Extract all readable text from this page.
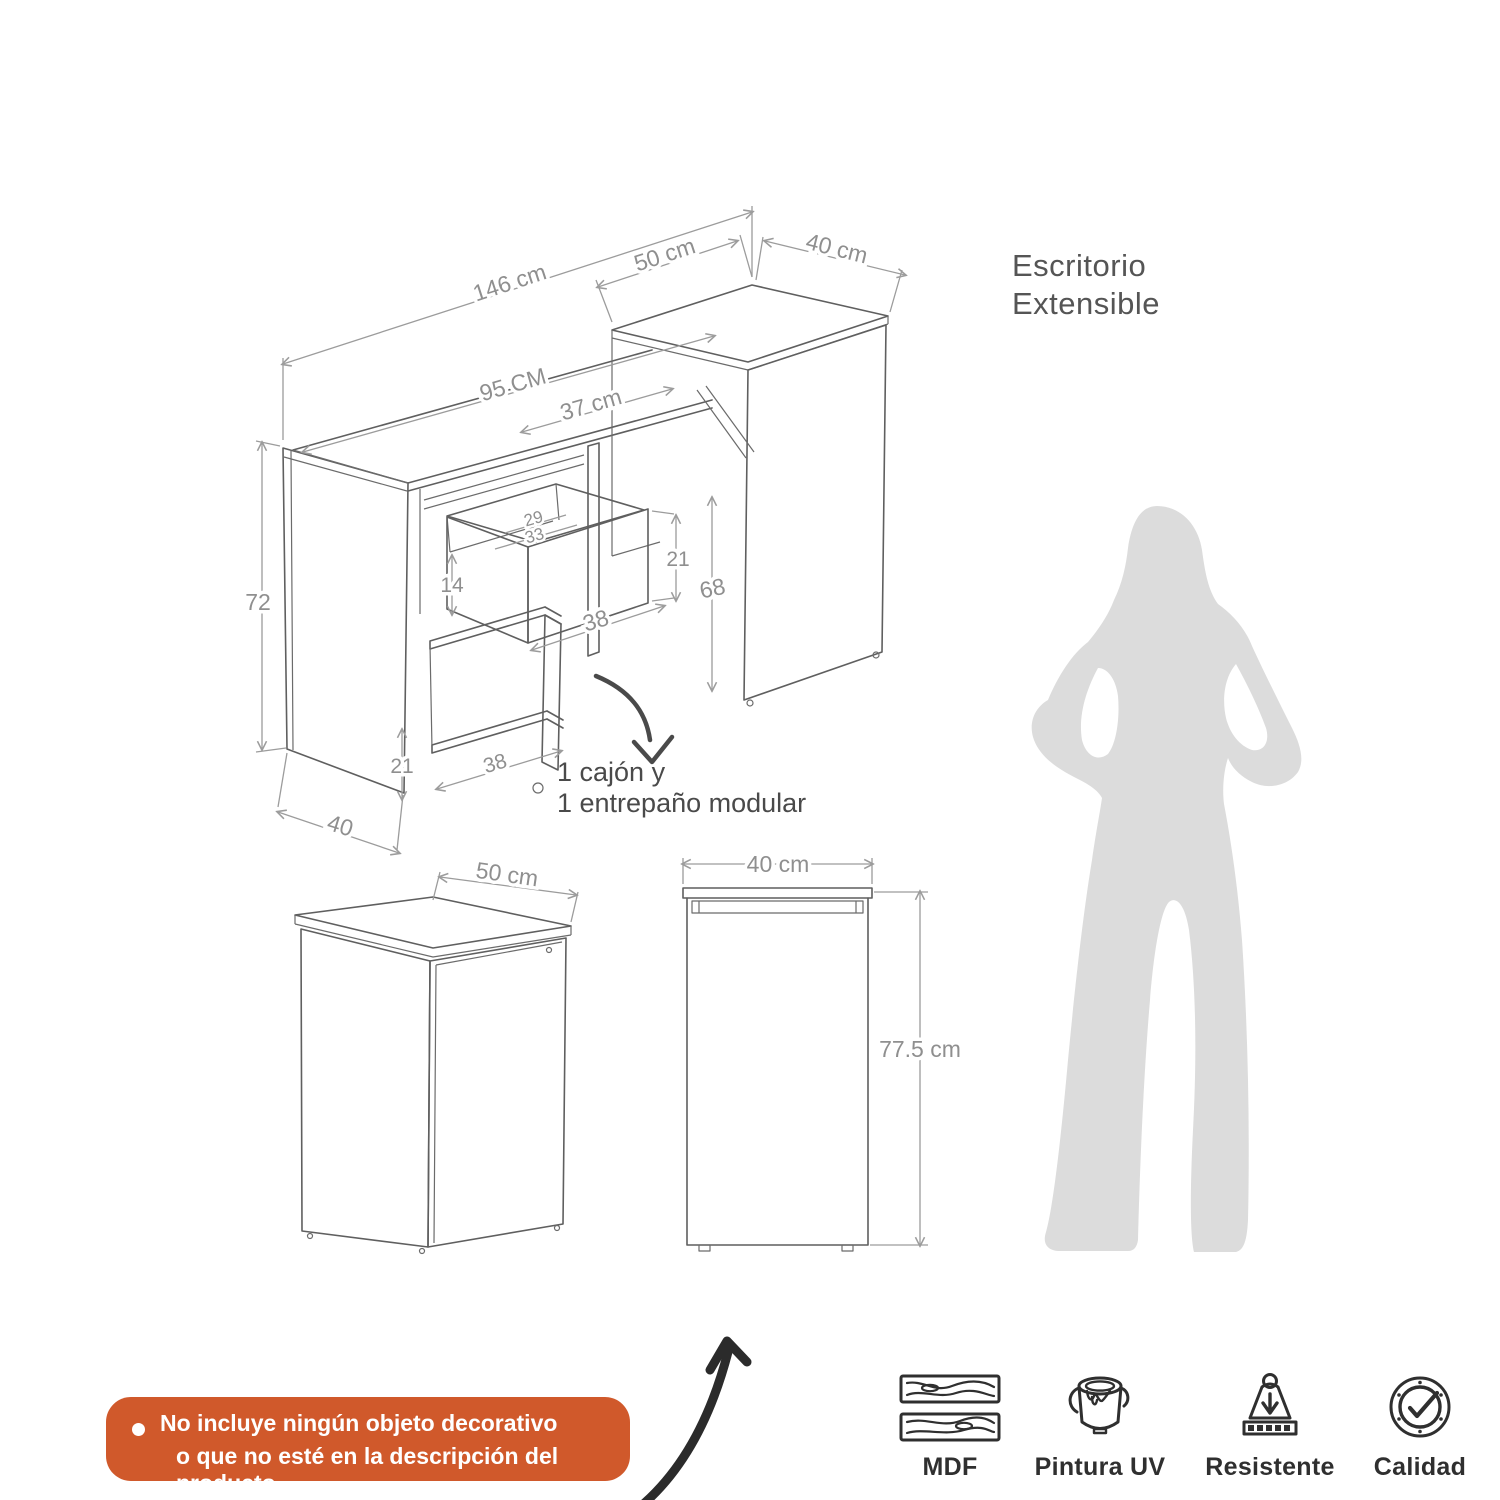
146 cm
50 cm	40 cm
95 CM 37 cm
72
40
29
33
14
21
68
38
21	38
50 cm	40 cm
77.5 cm
Escritorio
Extensible
1 cajón y
1 entrepaño modular
No incluye ningún objeto decorativo
o que no esté en la descripción del producto.
MDF	Pintura UV	Resistente	Calidad
